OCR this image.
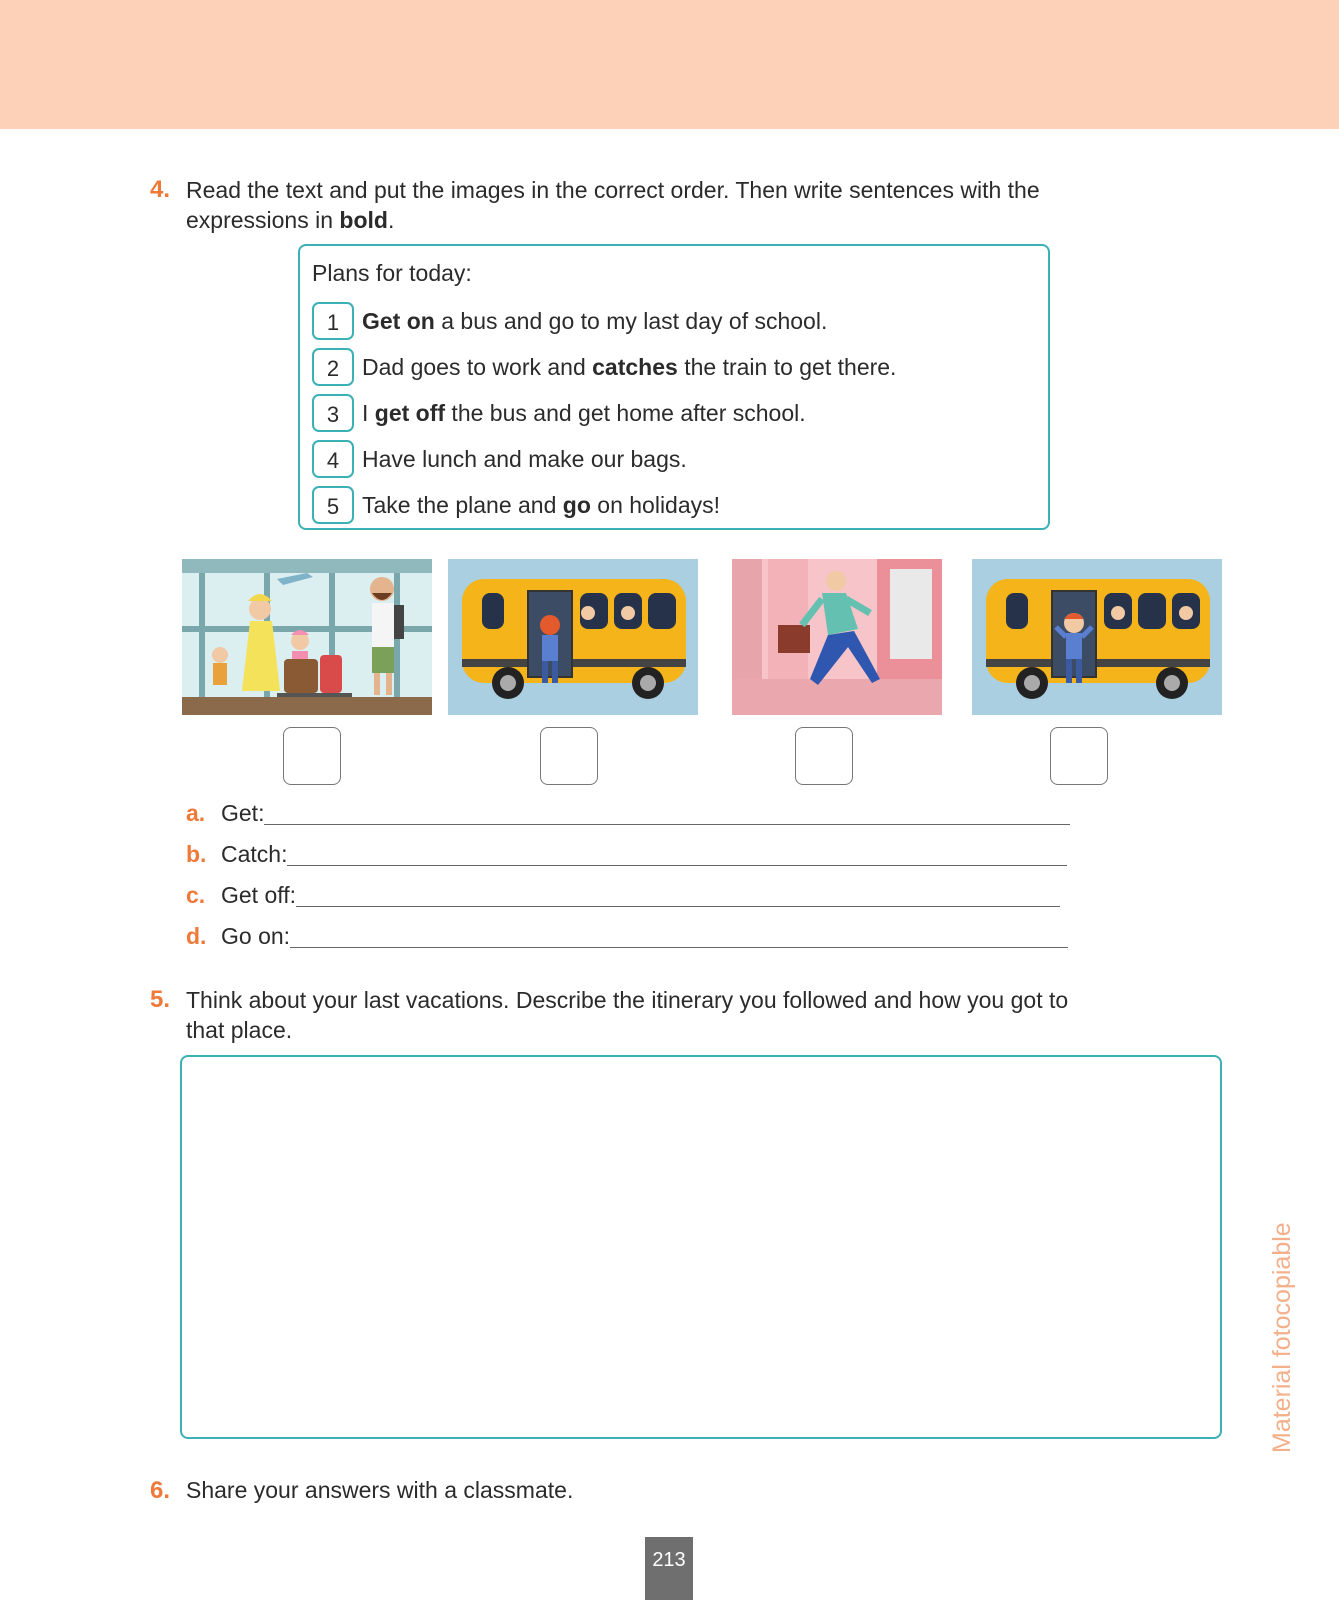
4. Read the text and put the images in the correct order. Then write sentences with the
expressions in bold.
Plans for today:
1 Get on a bus and go to my last day of school.
2 Dad goes to work and catches the train to get there.
3 I get off the bus and get home after school.
4 Have lunch and make our bags.
5 Take the plane and go on holidays!
a. Get:
b. Catch:
c. Get off:
d. Go on:
5. Think about your last vacations. Describe the itinerary you followed and how you got to
that place.
6. Share your answers with a classmate.
Material fotocopiable
213
